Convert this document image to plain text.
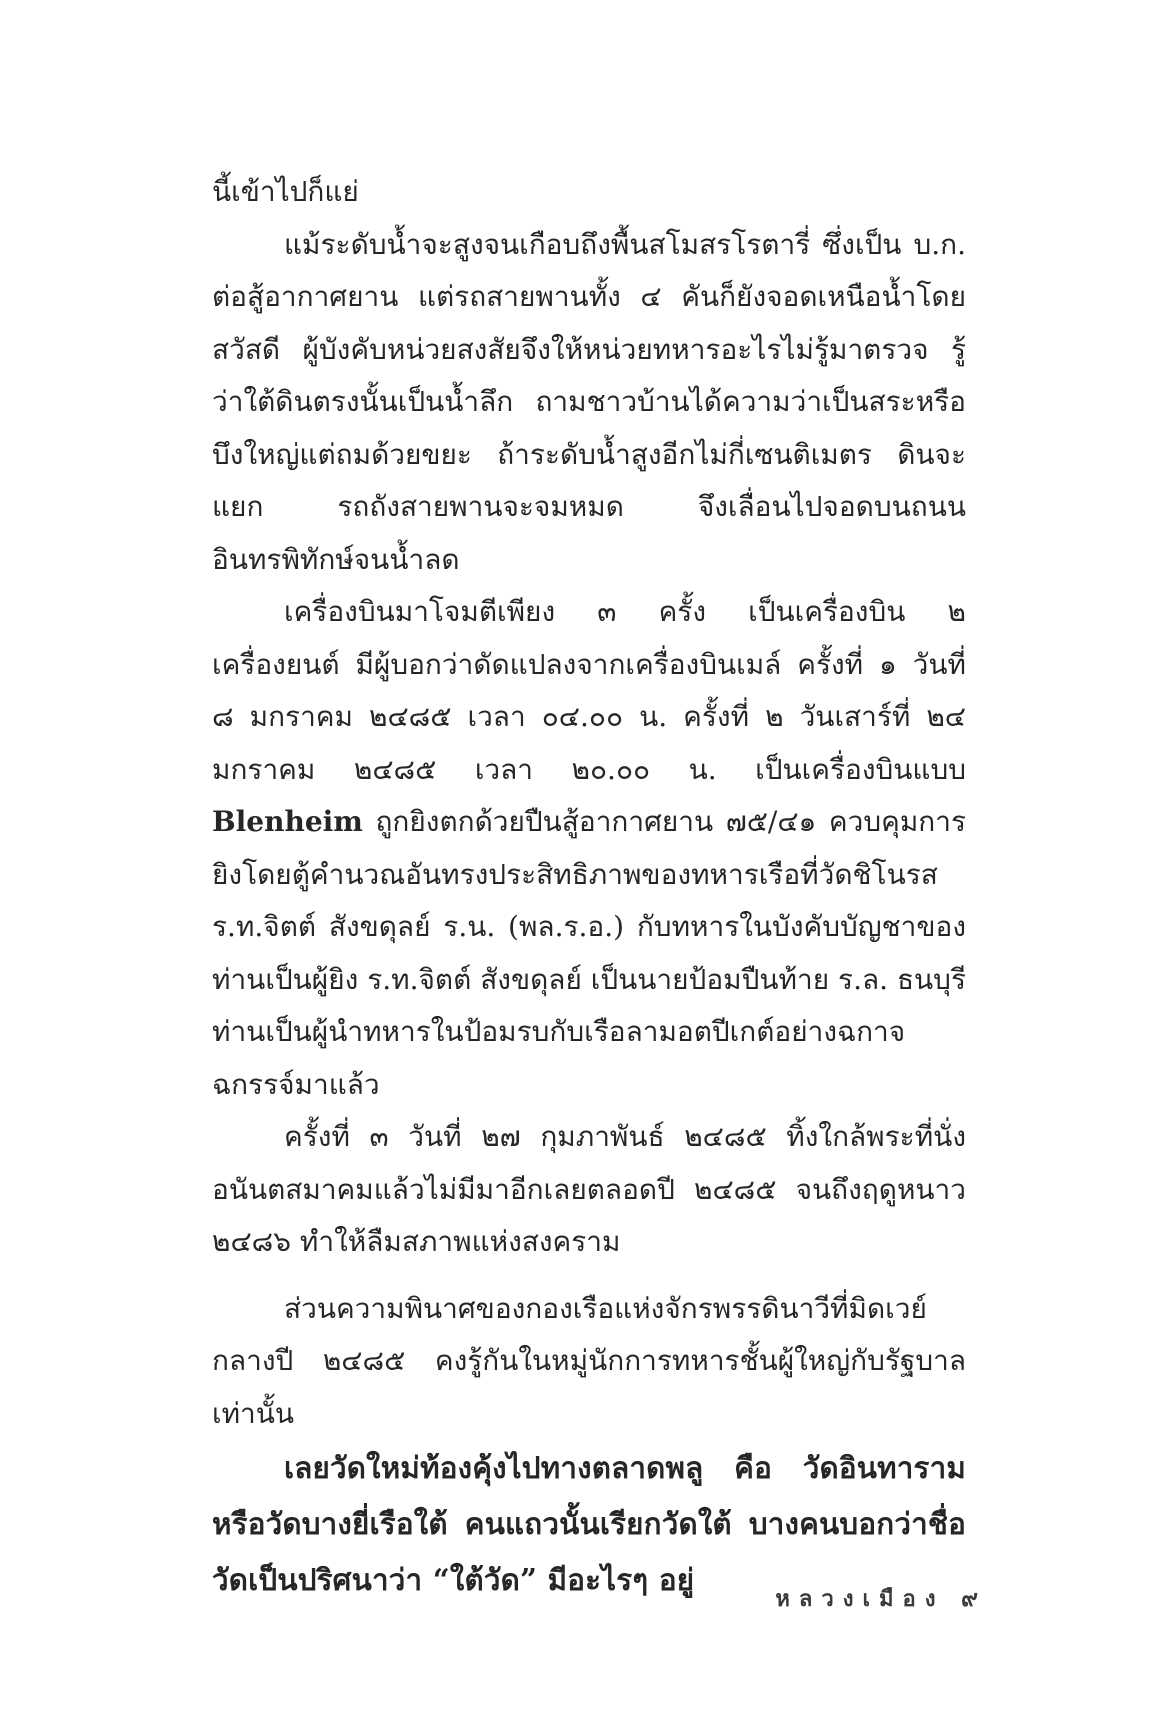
นี้เข้าไปก็แย่

แม้ระดับน้ำจะสูงจนเกือบถึงพื้นสโมสรโรตารี่ ซึ่งเป็น บ.ก. ต่อสู้อากาศยาน แต่รถสายพานทั้ง ๔ คันก็ยังจอดเหนือน้ำโดยสวัสดี ผู้บังคับหน่วยสงสัยจึงให้หน่วยทหารอะไรไม่รู้มาตรวจ รู้ว่าใต้ดินตรงนั้นเป็นน้ำลึก ถามชาวบ้านได้ความว่าเป็นสระหรือบึงใหญ่แต่ถมด้วยขยะ ถ้าระดับน้ำสูงอีกไม่กี่เซนติเมตร ดินจะแยก รถถังสายพานจะจมหมด จึงเลื่อนไปจอดบนถนนอินทรพิทักษ์จนน้ำลด

เครื่องบินมาโจมตีเพียง ๓ ครั้ง เป็นเครื่องบิน ๒ เครื่องยนต์ มีผู้บอกว่าดัดแปลงจากเครื่องบินเมล์ ครั้งที่ ๑ วันที่ ๘ มกราคม ๒๔๘๕ เวลา ๐๔.๐๐ น. ครั้งที่ ๒ วันเสาร์ที่ ๒๔ มกราคม ๒๔๘๕ เวลา ๒๐.๐๐ น. เป็นเครื่องบินแบบ Blenheim ถูกยิงตกด้วยปืนสู้อากาศยาน ๗๕/๔๑ ควบคุมการยิงโดยตู้คำนวณอันทรงประสิทธิภาพของทหารเรือที่วัดชิโนรส ร.ท.จิตต์ สังขดุลย์ ร.น. (พล.ร.อ.) กับทหารในบังคับบัญชาของท่านเป็นผู้ยิง ร.ท.จิตต์ สังขดุลย์ เป็นนายป้อมปืนท้าย ร.ล. ธนบุรี ท่านเป็นผู้นำทหารในป้อมรบกับเรือลามอตปีเกต์อย่างฉกาจฉกรรจ์มาแล้ว

ครั้งที่ ๓ วันที่ ๒๗ กุมภาพันธ์ ๒๔๘๕ ทิ้งใกล้พระที่นั่งอนันตสมาคมแล้วไม่มีมาอีกเลยตลอดปี ๒๔๘๕ จนถึงฤดูหนาว ๒๔๘๖ ทำให้ลืมสภาพแห่งสงคราม

ส่วนความพินาศของกองเรือแห่งจักรพรรดินาวีที่มิดเวย์กลางปี ๒๔๘๕ คงรู้กันในหมู่นักการทหารชั้นผู้ใหญ่กับรัฐบาลเท่านั้น

เลยวัดใหม่ท้องคุ้งไปทางตลาดพลู คือ วัดอินทาราม หรือวัดบางยี่เรือใต้ คนแถวนั้นเรียกวัดใต้ บางคนบอกว่าชื่อวัดเป็นปริศนาว่า “ใต้วัด” มีอะไรๆ อยู่

หลวงเมือง ๙
